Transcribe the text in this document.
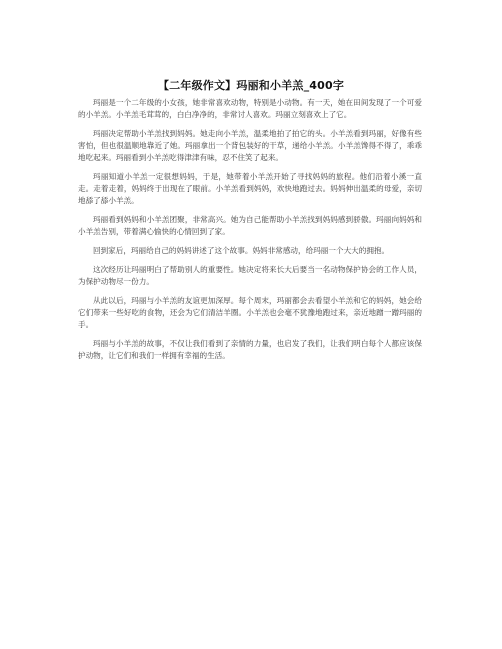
【二年级作文】玛丽和小羊羔_400字

玛丽是一个二年级的小女孩，她非常喜欢动物，特别是小动物。有一天，她在田间发现了一个可爱的小羊羔。小羊羔毛茸茸的，白白净净的，非常讨人喜欢。玛丽立刻喜欢上了它。

玛丽决定帮助小羊羔找到妈妈。她走向小羊羔，温柔地拍了拍它的头。小羊羔看到玛丽，好像有些害怕，但也很温顺地靠近了她。玛丽拿出一个背包装好的干草，递给小羊羔。小羊羔馋得不得了，乖乖地吃起来。玛丽看到小羊羔吃得津津有味，忍不住笑了起来。

玛丽知道小羊羔一定很想妈妈，于是，她带着小羊羔开始了寻找妈妈的旅程。他们沿着小溪一直走。走着走着，妈妈终于出现在了眼前。小羊羔看到妈妈，欢快地跑过去。妈妈伸出温柔的母爱，亲切地舔了舔小羊羔。

玛丽看到妈妈和小羊羔团聚，非常高兴。她为自己能帮助小羊羔找到妈妈感到骄傲。玛丽向妈妈和小羊羔告别，带着满心愉快的心情回到了家。

回到家后，玛丽给自己的妈妈讲述了这个故事。妈妈非常感动，给玛丽一个大大的拥抱。

这次经历让玛丽明白了帮助别人的重要性。她决定将来长大后要当一名动物保护协会的工作人员，为保护动物尽一份力。

从此以后，玛丽与小羊羔的友谊更加深厚。每个周末，玛丽都会去看望小羊羔和它的妈妈，她会给它们带来一些好吃的食物，还会为它们清洁羊圈。小羊羔也会毫不犹豫地跑过来，亲近地蹭一蹭玛丽的手。

玛丽与小羊羔的故事，不仅让我们看到了亲情的力量，也启发了我们，让我们明白每个人都应该保护动物，让它们和我们一样拥有幸福的生活。
